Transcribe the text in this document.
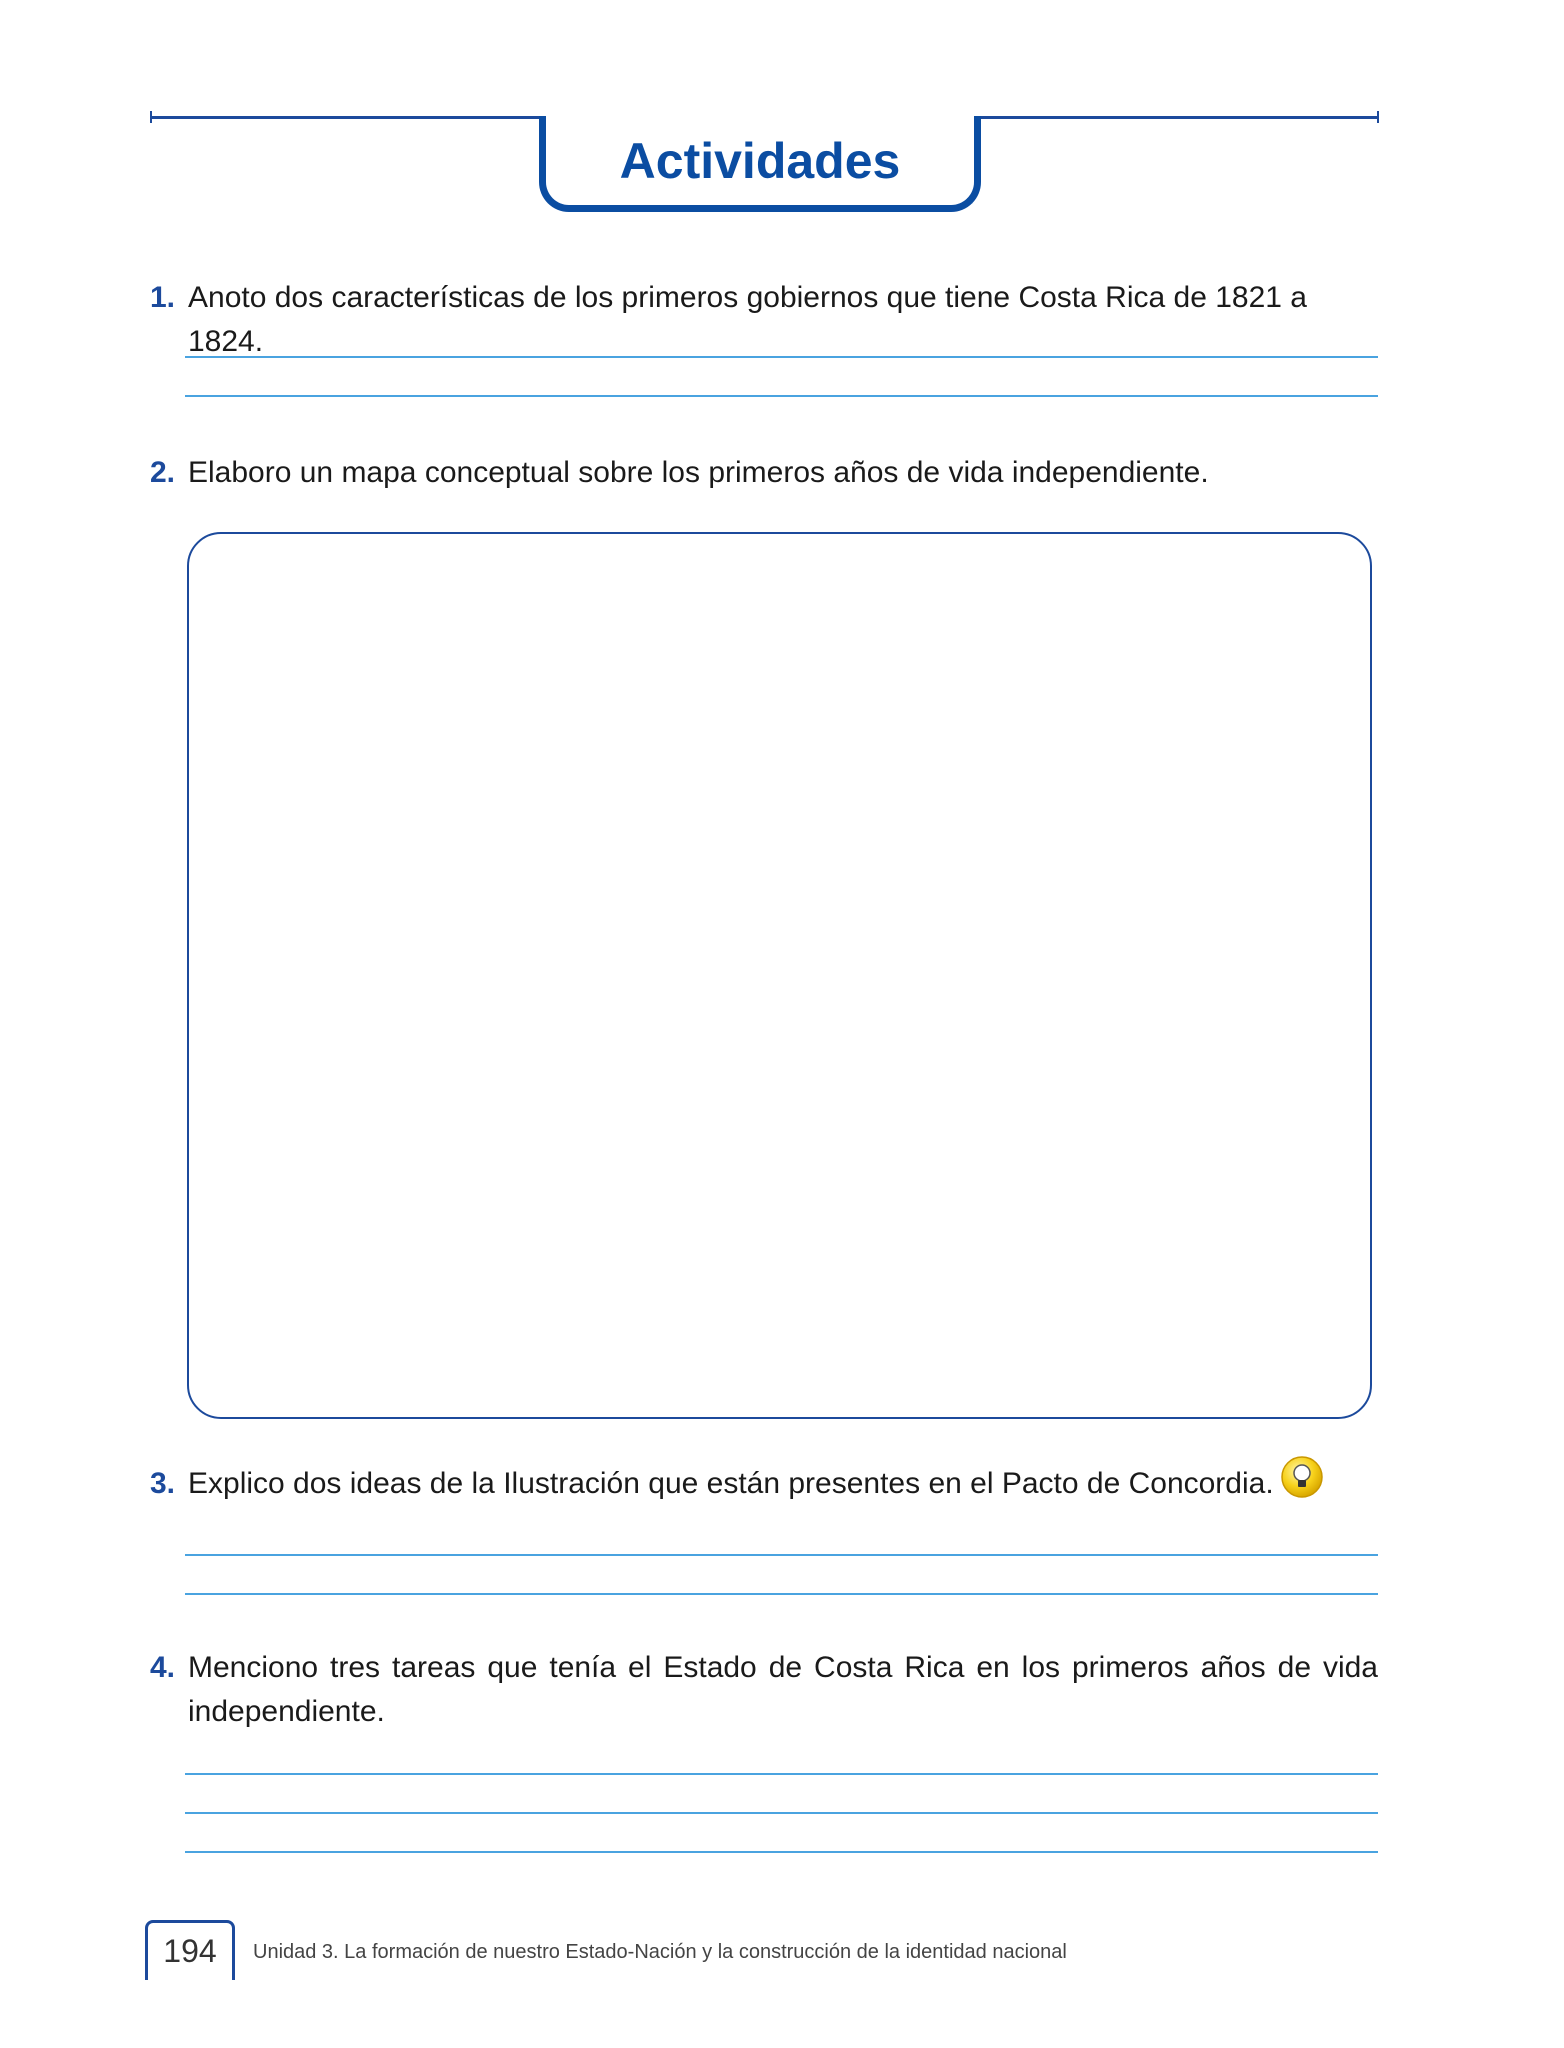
Actividades
1. Anoto dos características de los primeros gobiernos que tiene Costa Rica de 1821 a 1824.
2. Elaboro un mapa conceptual sobre los primeros años de vida independiente.
3. Explico dos ideas de la Ilustración que están presentes en el Pacto de Concordia.
4. Menciono tres tareas que tenía el Estado de Costa Rica en los primeros años de vida independiente.
194	Unidad 3. La formación de nuestro Estado-Nación y la construcción de la identidad nacional
